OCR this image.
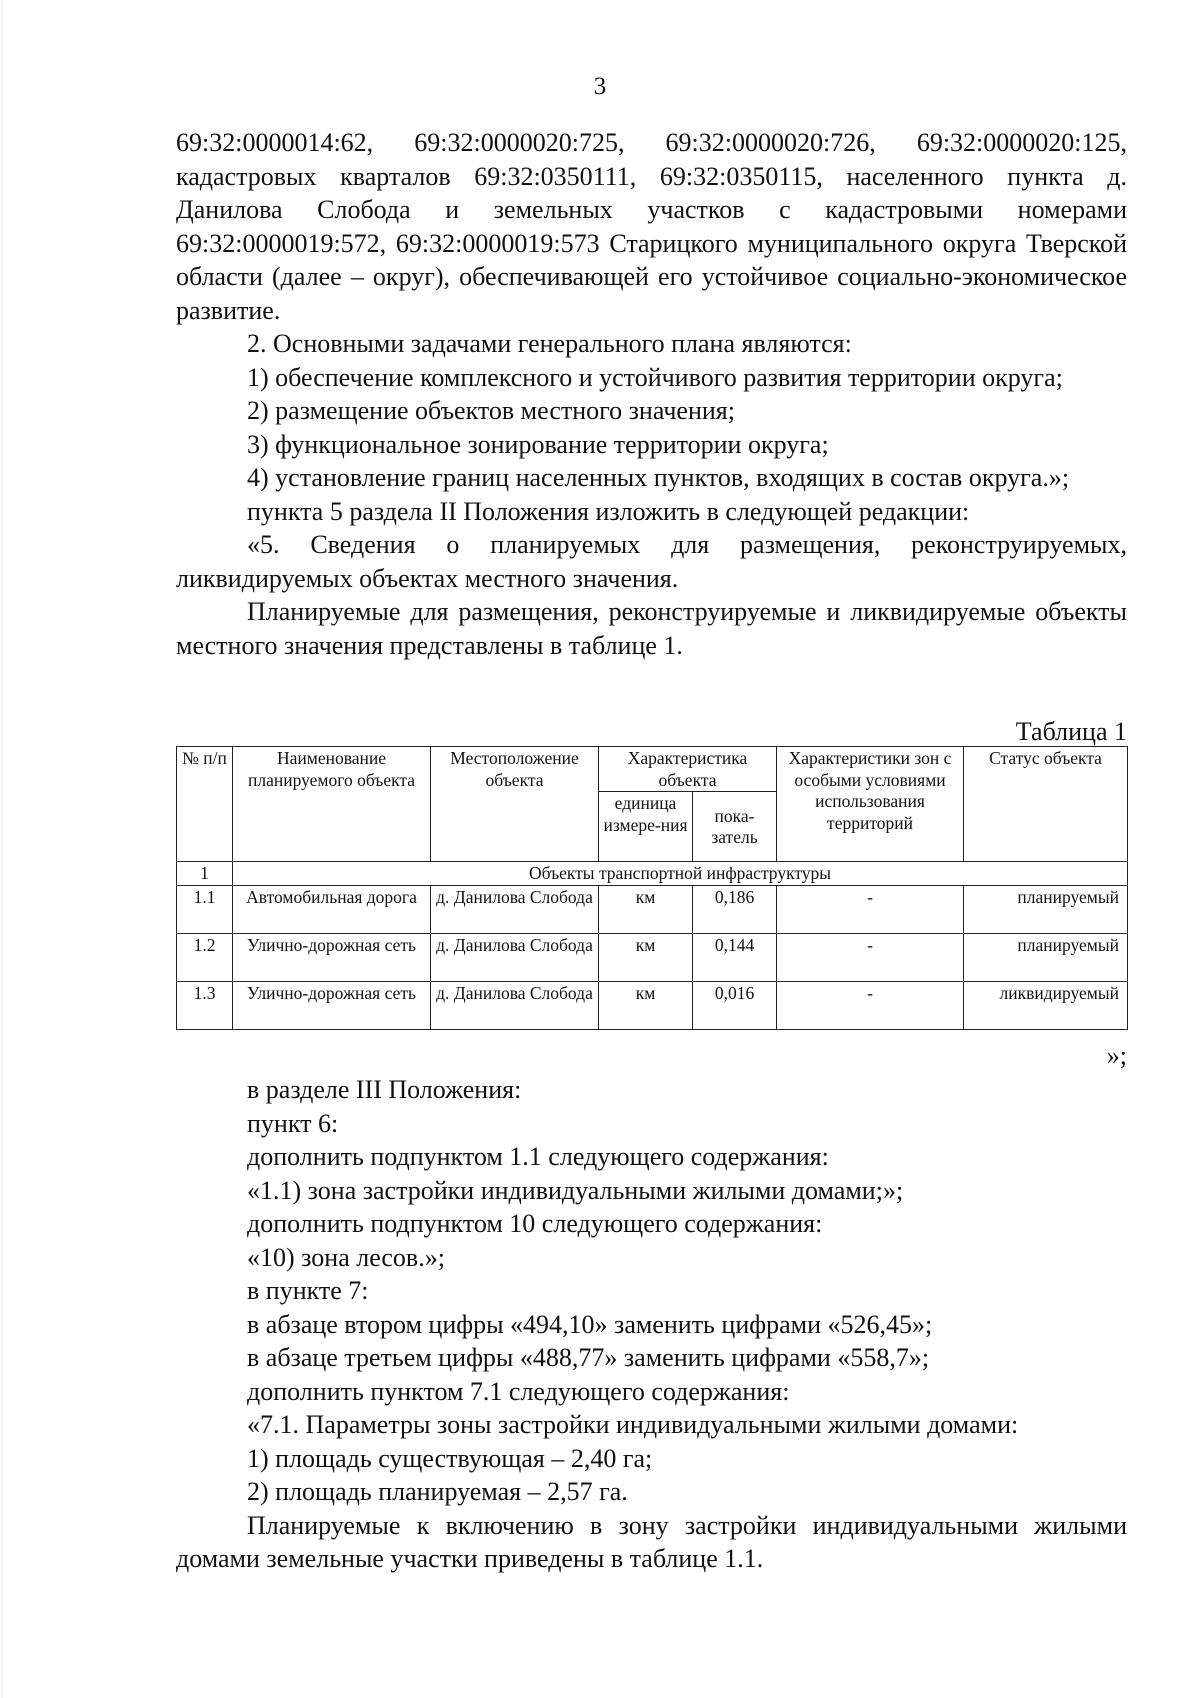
3

69:32:0000014:62, 69:32:0000020:725, 69:32:0000020:726, 69:32:0000020:125, кадастровых кварталов 69:32:0350111, 69:32:0350115, населенного пункта д. Данилова Слобода и земельных участков с кадастровыми номерами 69:32:0000019:572, 69:32:0000019:573 Старицкого муниципального округа Тверской области (далее – округ), обеспечивающей его устойчивое социально-экономическое развитие.

2. Основными задачами генерального плана являются:

1) обеспечение комплексного и устойчивого развития территории округа;

2) размещение объектов местного значения;

3) функциональное зонирование территории округа;

4) установление границ населенных пунктов, входящих в состав округа.»;

пункта 5 раздела II Положения изложить в следующей редакции:

«5. Сведения о планируемых для размещения, реконструируемых, ликвидируемых объектах местного значения.

Планируемые для размещения, реконструируемые и ликвидируемые объекты местного значения представлены в таблице 1.

Таблица 1
№ п/п	Наименование планируемого объекта	Местоположение объекта	Характеристика объекта		Характеристики зон с особыми условиями использования территорий	Статус объекта
			единица измере-ния	пока-затель		
1	Объекты транспортной инфраструктуры					
1.1	Автомобильная дорога	д. Данилова Слобода	км	0,186	-	планируемый
1.2	Улично-дорожная сеть	д. Данилова Слобода	км	0,144	-	планируемый
1.3	Улично-дорожная сеть	д. Данилова Слобода	км	0,016	-	ликвидируемый
»;

в разделе III Положения:

пункт 6:

дополнить подпунктом 1.1 следующего содержания:

«1.1) зона застройки индивидуальными жилыми домами;»;

дополнить подпунктом 10 следующего содержания:

«10) зона лесов.»;

в пункте 7:

в абзаце втором цифры «494,10» заменить цифрами «526,45»;

в абзаце третьем цифры «488,77» заменить цифрами «558,7»;

дополнить пунктом 7.1 следующего содержания:

«7.1. Параметры зоны застройки индивидуальными жилыми домами:

1) площадь существующая – 2,40 га;

2) площадь планируемая – 2,57 га.

Планируемые к включению в зону застройки индивидуальными жилыми домами земельные участки приведены в таблице 1.1.
